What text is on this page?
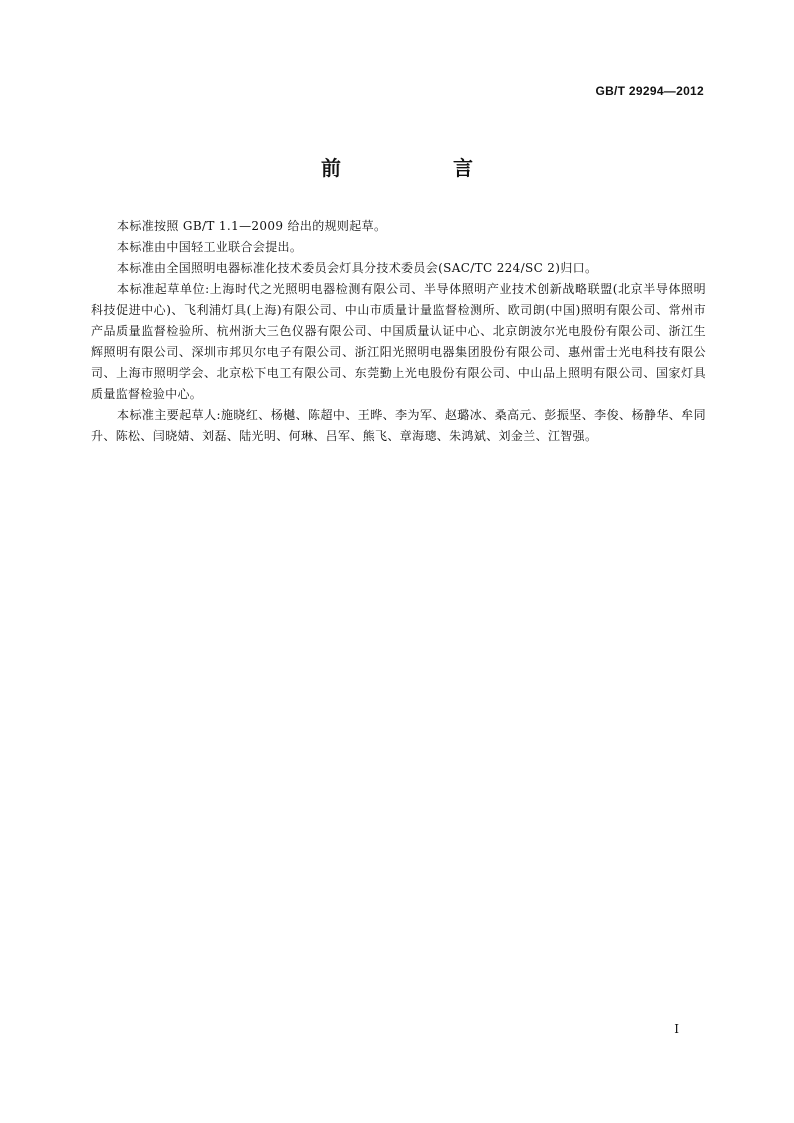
GB/T 29294—2012
前　言

本标准按照 GB/T 1.1—2009 给出的规则起草。

本标准由中国轻工业联合会提出。

本标准由全国照明电器标准化技术委员会灯具分技术委员会(SAC/TC 224/SC 2)归口。

本标准起草单位:上海时代之光照明电器检测有限公司、半导体照明产业技术创新战略联盟(北京半导体照明科技促进中心)、飞利浦灯具(上海)有限公司、中山市质量计量监督检测所、欧司朗(中国)照明有限公司、常州市产品质量监督检验所、杭州浙大三色仪器有限公司、中国质量认证中心、北京朗波尔光电股份有限公司、浙江生辉照明有限公司、深圳市邦贝尔电子有限公司、浙江阳光照明电器集团股份有限公司、惠州雷士光电科技有限公司、上海市照明学会、北京松下电工有限公司、东莞勤上光电股份有限公司、中山品上照明有限公司、国家灯具质量监督检验中心。

本标准主要起草人:施晓红、杨樾、陈超中、王晔、李为军、赵璐冰、桑高元、彭振坚、李俊、杨静华、牟同升、陈松、闫晓婧、刘磊、陆光明、何琳、吕军、熊飞、章海璁、朱鸿斌、刘金兰、江智强。

I
